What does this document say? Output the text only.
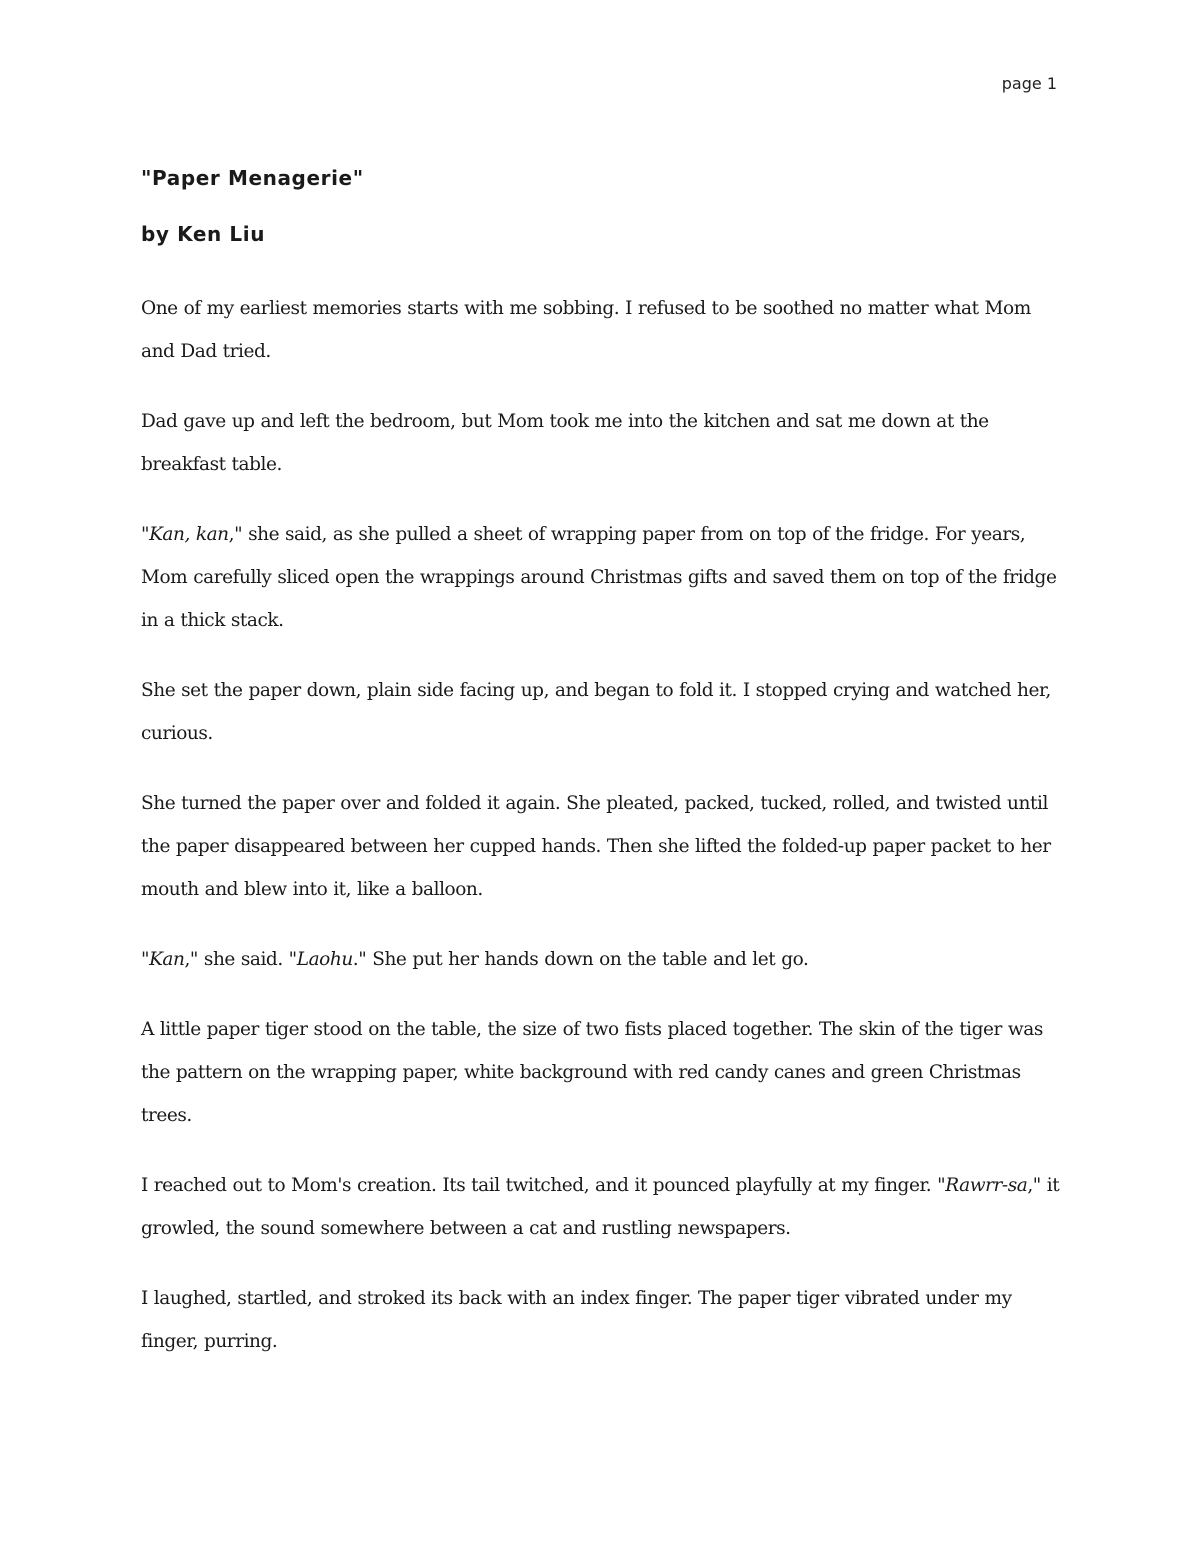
page 1
"Paper Menagerie"
by Ken Liu

One of my earliest memories starts with me sobbing. I refused to be soothed no matter what Mom and Dad tried.

Dad gave up and left the bedroom, but Mom took me into the kitchen and sat me down at the breakfast table.

"Kan, kan," she said, as she pulled a sheet of wrapping paper from on top of the fridge. For years, Mom carefully sliced open the wrappings around Christmas gifts and saved them on top of the fridge in a thick stack.

She set the paper down, plain side facing up, and began to fold it. I stopped crying and watched her, curious.

She turned the paper over and folded it again. She pleated, packed, tucked, rolled, and twisted until the paper disappeared between her cupped hands. Then she lifted the folded-up paper packet to her mouth and blew into it, like a balloon.

"Kan," she said. "Laohu." She put her hands down on the table and let go.

A little paper tiger stood on the table, the size of two fists placed together. The skin of the tiger was the pattern on the wrapping paper, white background with red candy canes and green Christmas trees.

I reached out to Mom's creation. Its tail twitched, and it pounced playfully at my finger. "Rawrr-sa," it growled, the sound somewhere between a cat and rustling newspapers.

I laughed, startled, and stroked its back with an index finger. The paper tiger vibrated under my finger, purring.
